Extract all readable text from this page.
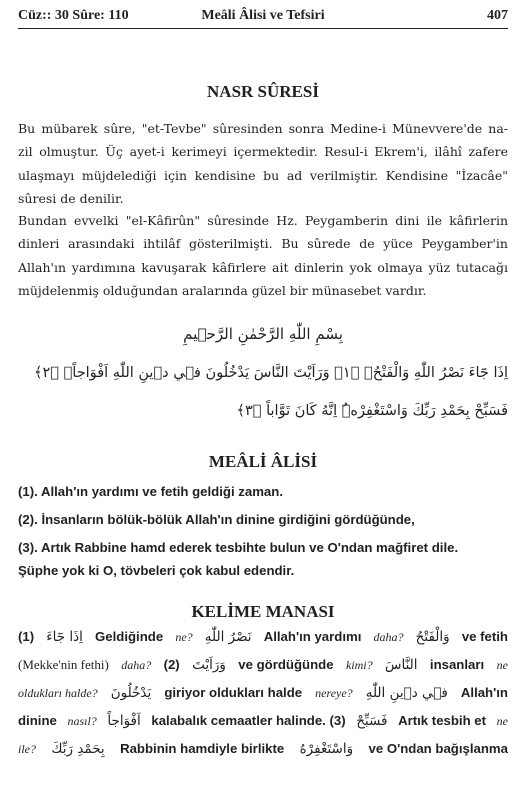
Cüz:: 30 Sûre: 110	Meâli Âlisi ve Tefsiri	407
NASR SÛRESİ
Bu mübarek sûre, "et-Tevbe" sûresinden sonra Medine-i Münevvere'de na-
zil olmuştur. Üç ayet-i kerimeyi içermektedir. Resul-i Ekrem'i, ilâhî zafere
ulaşmayı müjdelediği için kendisine bu ad verilmiştir. Kendisine "İzacâe"
sûresi de denilir.
Bundan evvelki "el-Kâfirûn" sûresinde Hz. Peygamberin dini ile kâfirlerin
dinleri arasındaki ihtilâf gösterilmişti. Bu sûrede de yüce Peygamber'in
Allah'ın yardımına kavuşarak kâfirlere ait dinlerin yok olmaya yüz tutacağı
müjdelenmiş olduğundan aralarında güzel bir münasebet vardır.
بِسْمِ اللّٰهِ الرَّحْمٰنِ الرَّح۪يمِ
اِذَا جَٓاءَ نَصْرُ اللّٰهِ وَالْفَتْحُۙ ﴿١﴾ وَرَاَيْتَ النَّاسَ يَدْخُلُونَ ف۪ي د۪ينِ اللّٰهِ اَفْوَاجاًۙ ﴿٢﴾
فَسَبِّحْ بِحَمْدِ رَبِّكَ وَاسْتَغْفِرْهُۜ اِنَّهُ كَانَ تَوَّاباً ﴿٣﴾
MEÂLİ ÂLİSİ
(1). Allah'ın yardımı ve fetih geldiği zaman.
(2). İnsanların bölük-bölük Allah'ın dinine girdiğini gördüğünde,
(3). Artık Rabbine hamd ederek tesbihte bulun ve O'ndan mağfiret dile.
Şüphe yok ki O, tövbeleri çok kabul edendir.
KELİME MANASI
(1) اِذَا جَٓاءَ Geldiğinde ne? نَصْرُ اللّٰهِ Allah'ın yardımı daha? وَالْفَتْحُ ve fetih
(Mekke'nin fethi) daha? (2) وَرَاَيْتَ ve gördüğünde kimi? النَّاسَ insanları ne
oldukları halde? يَدْخُلُونَ giriyor oldukları halde nereye? ف۪ي د۪ينِ اللّٰهِ Allah'ın
dinine nasıl? اَفْوَاجاً kalabalık cemaatler halinde. (3) فَسَبِّحْ Artık tesbih et ne
ile? بِحَمْدِ رَبِّكَ Rabbinin hamdiyle birlikte وَاسْتَغْفِرْهُ ve O'ndan bağışlanma
